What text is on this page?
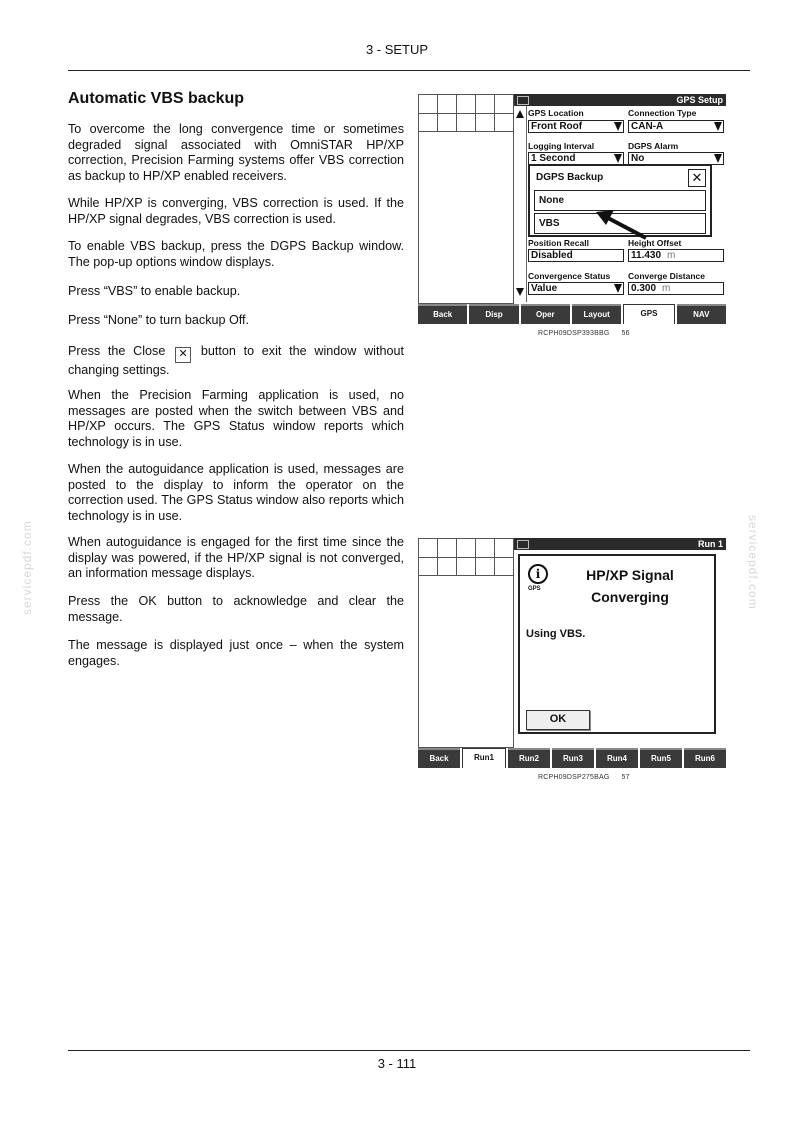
3 - SETUP
servicepdf.com	servicepdf.com
Automatic VBS backup

To overcome the long convergence time or sometimes degraded signal associated with OmniSTAR HP/XP correction, Precision Farming systems offer VBS correction as backup to HP/XP enabled receivers.

While HP/XP is converging, VBS correction is used. If the HP/XP signal degrades, VBS correction is used.

To enable VBS backup, press the DGPS Backup window. The pop-up options window displays.

Press “VBS” to enable backup.

Press “None” to turn backup Off.

Press the Close ✕ button to exit the window without changing settings.

When the Precision Farming application is used, no messages are posted when the switch between VBS and HP/XP occurs. The GPS Status window reports which technology is in use.

When the autoguidance application is used, messages are posted to the display to inform the operator on the correction used. The GPS Status window also reports which technology is in use.

When autoguidance is engaged for the first time since the display was powered, if the HP/XP signal is not converged, an information message displays.

Press the OK button to acknowledge and clear the message.

The message is displayed just once – when the system engages.

GPS Setup
GPS Location
Front Roof
Connection Type
CAN-A
Logging Interval
1 Second
DGPS Alarm
No
Position Recall
Disabled
Height Offset
11.430 m
Convergence Status
Value
Converge Distance
0.300 m
DGPS Backup	✕
None
VBS
Back	Disp	Oper	Layout	GPS	NAV
RCPH09DSP393BBG 56
Run 1
i
GPS
HP/XP Signal
Converging
Using VBS.
OK
Back	Run1	Run2	Run3	Run4	Run5	Run6
RCPH09DSP275BAG 57
3 - 111
